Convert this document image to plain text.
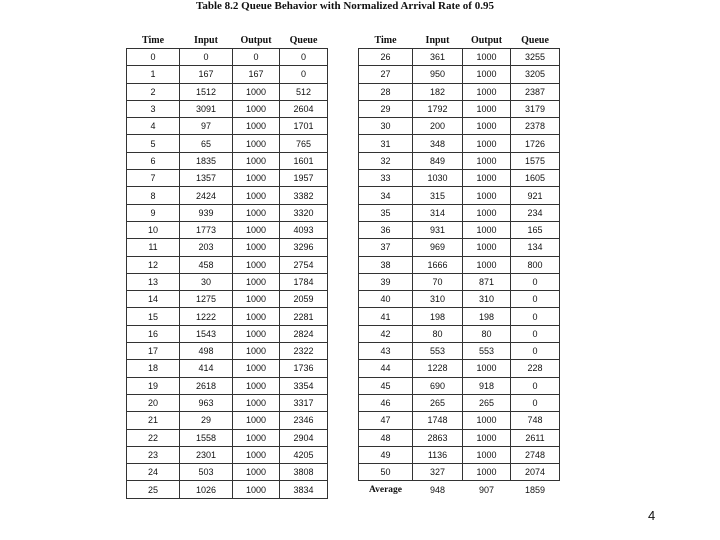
Table 8.2 Queue Behavior with Normalized Arrival Rate of 0.95
Time	Input	Output	Queue
0	0	0	0
1	167	167	0
2	1512	1000	512
3	3091	1000	2604
4	97	1000	1701
5	65	1000	765
6	1835	1000	1601
7	1357	1000	1957
8	2424	1000	3382
9	939	1000	3320
10	1773	1000	4093
11	203	1000	3296
12	458	1000	2754
13	30	1000	1784
14	1275	1000	2059
15	1222	1000	2281
16	1543	1000	2824
17	498	1000	2322
18	414	1000	1736
19	2618	1000	3354
20	963	1000	3317
21	29	1000	2346
22	1558	1000	2904
23	2301	1000	4205
24	503	1000	3808
25	1026	1000	3834
Time	Input	Output	Queue
26	361	1000	3255
27	950	1000	3205
28	182	1000	2387
29	1792	1000	3179
30	200	1000	2378
31	348	1000	1726
32	849	1000	1575
33	1030	1000	1605
34	315	1000	921
35	314	1000	234
36	931	1000	165
37	969	1000	134
38	1666	1000	800
39	70	871	0
40	310	310	0
41	198	198	0
42	80	80	0
43	553	553	0
44	1228	1000	228
45	690	918	0
46	265	265	0
47	1748	1000	748
48	2863	1000	2611
49	1136	1000	2748
50	327	1000	2074
Average	948	907	1859
4
